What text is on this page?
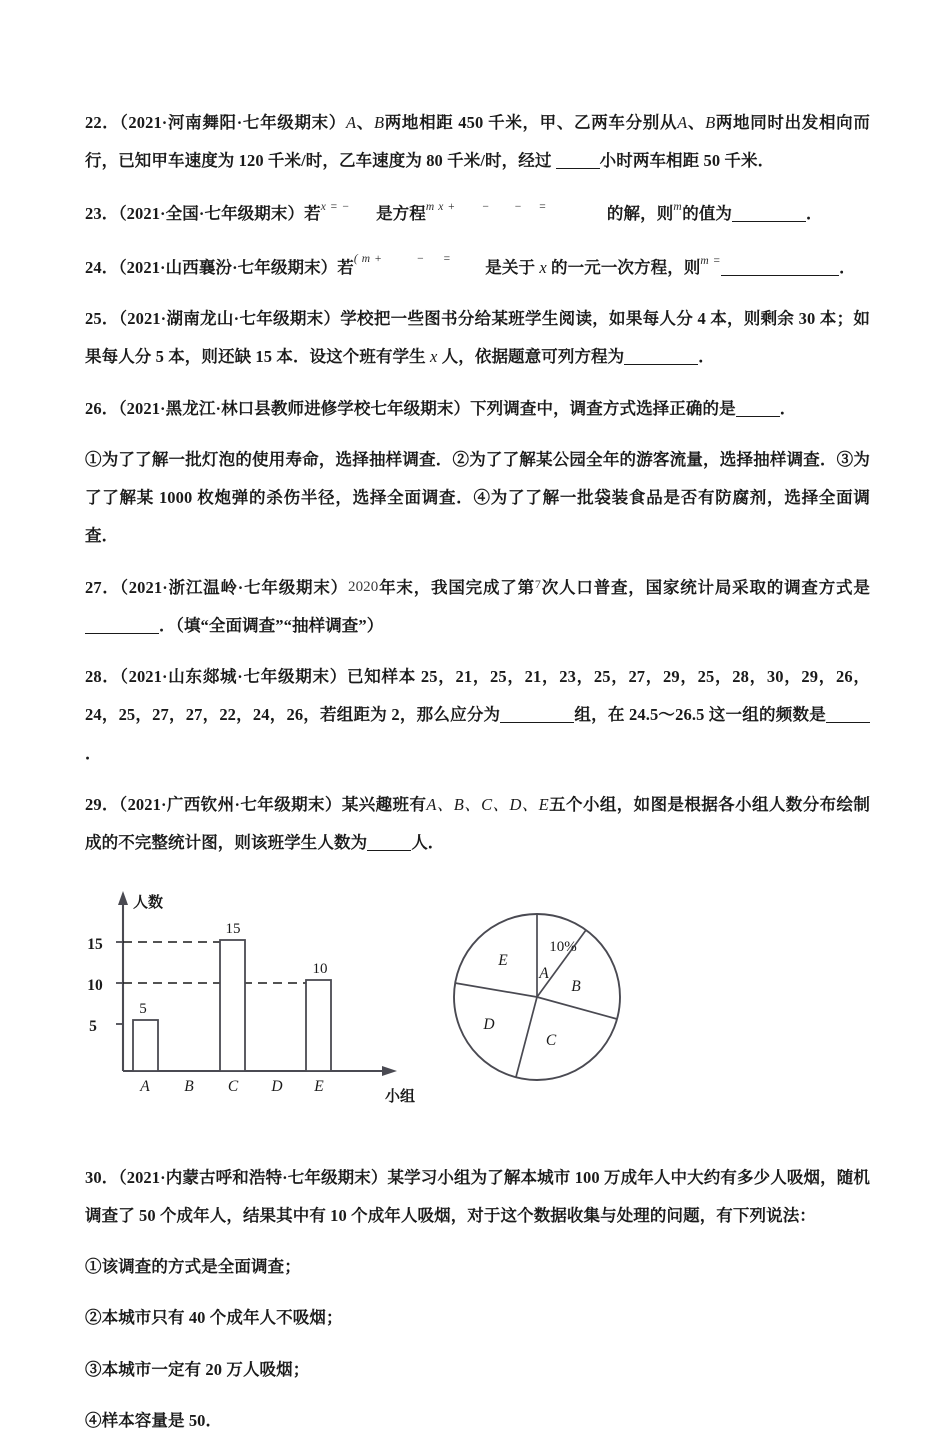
22．（2021·河南舞阳·七年级期末）A、B两地相距 450 千米，甲、乙两车分别从A、B两地同时出发相向而行，已知甲车速度为 120 千米/时，乙车速度为 80 千米/时，经过	小时两车相距 50 千米．

23．（2021·全国·七年级期末）若$^{x = -}$ 是方程$^{m x +}$ − − =	的解，则$^m$的值为	．

24．（2021·山西襄汾·七年级期末）若$^{( m +}$	− = 是关于 x 的一元一次方程，则$^{m =}$	．

25．（2021·湖南龙山·七年级期末）学校把一些图书分给某班学生阅读，如果每人分 4 本，则剩余 30 本；如果每人分 5 本，则还缺 15 本．设这个班有学生 x 人，依据题意可列方程为	．

26．（2021·黑龙江·林口县教师进修学校七年级期末）下列调查中，调查方式选择正确的是	．

①为了了解一批灯泡的使用寿命，选择抽样调查．②为了了解某公园全年的游客流量，选择抽样调查．③为了了解某 1000 枚炮弹的杀伤半径，选择全面调查．④为了了解一批袋装食品是否有防腐剂，选择全面调查．

27．（2021·浙江温岭·七年级期末）2020年末，我国完成了第$^7$次人口普查，国家统计局采取的调查方式是．（填“全面调查”“抽样调查”）

28．（2021·山东郯城·七年级期末）已知样本 25，21，25，21，23，25，27，29，25，28，30，29，26，24，25，27，27，22，24，26，若组距为 2，那么应分为	组，在 24.5～26.5 这一组的频数是．

29．（2021·广西钦州·七年级期末）某兴趣班有A、B、C、D、E五个小组，如图是根据各小组人数分布绘制成的不完整统计图，则该班学生人数为	人．

人数
小组
5
10
15
5
15
10
A B C D E
10%
A
B
C
D
E

30．（2021·内蒙古呼和浩特·七年级期末）某学习小组为了解本城市 100 万成年人中大约有多少人吸烟，随机调查了 50 个成年人，结果其中有 10 个成年人吸烟，对于这个数据收集与处理的问题，有下列说法：

①该调查的方式是全面调查；

②本城市只有 40 个成年人不吸烟；

③本城市一定有 20 万人吸烟；

④样本容量是 50．
